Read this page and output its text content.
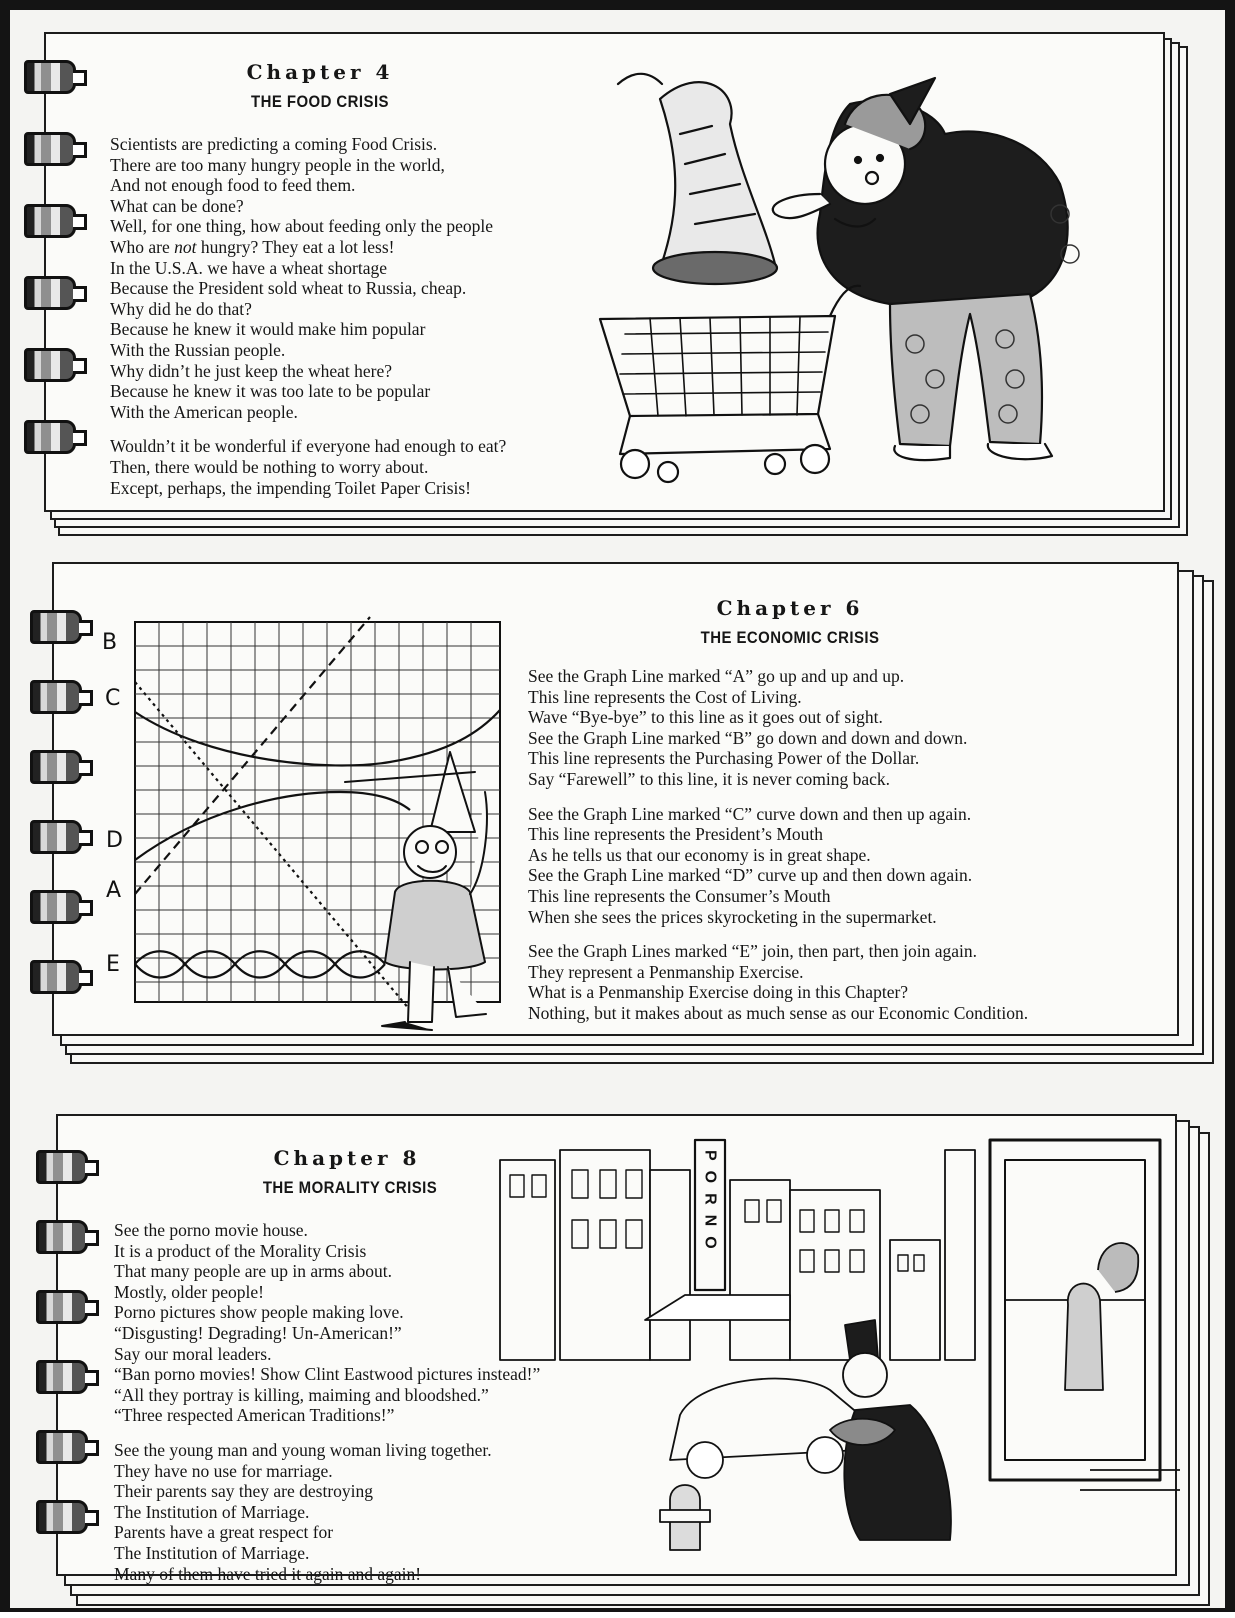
Chapter 4
THE FOOD CRISIS
Scientists are predicting a coming Food Crisis.
There are too many hungry people in the world,
And not enough food to feed them.
What can be done?
Well, for one thing, how about feeding only the people
Who are not hungry? They eat a lot less!
In the U.S.A. we have a wheat shortage
Because the President sold wheat to Russia, cheap.
Why did he do that?
Because he knew it would make him popular
With the Russian people.
Why didn’t he just keep the wheat here?
Because he knew it was too late to be popular
With the American people.
Wouldn’t it be wonderful if everyone had enough to eat?
Then, there would be nothing to worry about.
Except, perhaps, the impending Toilet Paper Crisis!
Chapter 6
THE ECONOMIC CRISIS
B
C
D
A
E
See the Graph Line marked “A” go up and up and up.
This line represents the Cost of Living.
Wave “Bye-bye” to this line as it goes out of sight.
See the Graph Line marked “B” go down and down and down.
This line represents the Purchasing Power of the Dollar.
Say “Farewell” to this line, it is never coming back.
See the Graph Line marked “C” curve down and then up again.
This line represents the President’s Mouth
As he tells us that our economy is in great shape.
See the Graph Line marked “D” curve up and then down again.
This line represents the Consumer’s Mouth
When she sees the prices skyrocketing in the supermarket.
See the Graph Lines marked “E” join, then part, then join again.
They represent a Penmanship Exercise.
What is a Penmanship Exercise doing in this Chapter?
Nothing, but it makes about as much sense as our Economic Condition.
Chapter 8
THE MORALITY CRISIS
See the porno movie house.
It is a product of the Morality Crisis
That many people are up in arms about.
Mostly, older people!
Porno pictures show people making love.
“Disgusting! Degrading! Un-American!”
Say our moral leaders.
“Ban porno movies! Show Clint Eastwood pictures instead!”
“All they portray is killing, maiming and bloodshed.”
“Three respected American Traditions!”
See the young man and young woman living together.
They have no use for marriage.
Their parents say they are destroying
The Institution of Marriage.
Parents have a great respect for
The Institution of Marriage.
Many of them have tried it again and again!
PORNO
